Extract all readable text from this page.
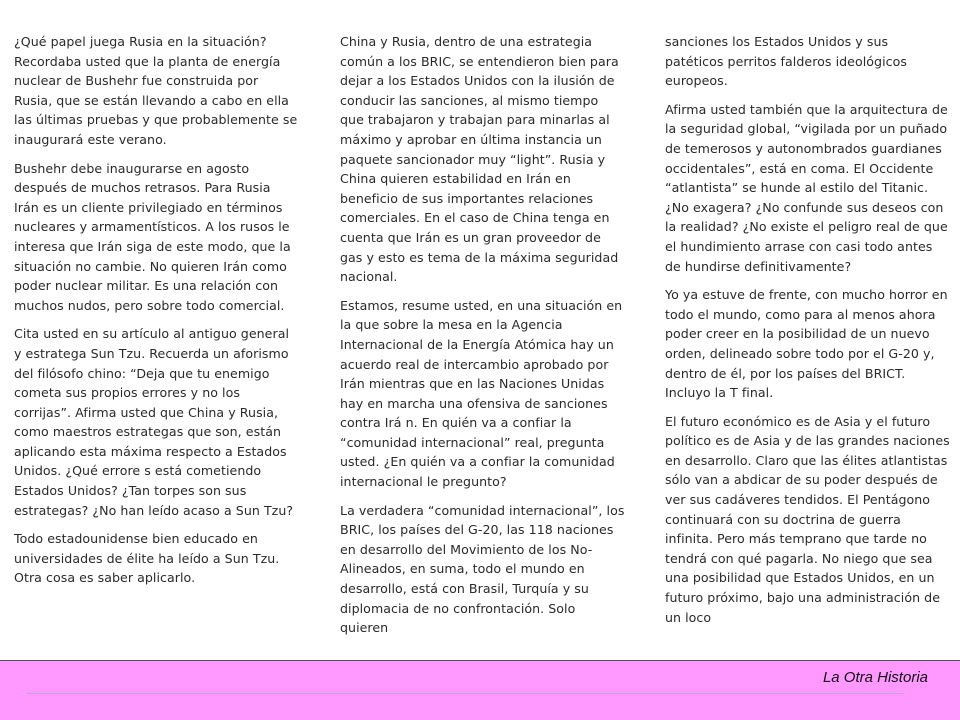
¿Qué papel juega Rusia en la situación? Recordaba usted que la planta de energía nuclear de Bushehr fue construida por Rusia, que se están llevando a cabo en ella las últimas pruebas y que probablemente se inaugurará este verano.

Bushehr debe inaugurarse en agosto después de muchos retrasos. Para Rusia Irán es un cliente privilegiado en términos nucleares y armamentísticos. A los rusos le interesa que Irán siga de este modo, que la situación no cambie. No quieren Irán como poder nuclear militar. Es una relación con muchos nudos, pero sobre todo comercial.

Cita usted en su artículo al antiguo general y estratega Sun Tzu. Recuerda un aforismo del filósofo chino: “Deja que tu enemigo cometa sus propios errores y no los corrijas”. Afirma usted que China y Rusia, como maestros estrategas que son, están aplicando esta máxima respecto a Estados Unidos. ¿Qué errore s está cometiendo Estados Unidos? ¿Tan torpes son sus estrategas? ¿No han leído acaso a Sun Tzu?

Todo estadounidense bien educado en universidades de élite ha leído a Sun Tzu. Otra cosa es saber aplicarlo.

China y Rusia, dentro de una estrategia común a los BRIC, se entendieron bien para dejar a los Estados Unidos con la ilusión de conducir las sanciones, al mismo tiempo que trabajaron y trabajan para minarlas al máximo y aprobar en última instancia un paquete sancionador muy “light”. Rusia y China quieren estabilidad en Irán en beneficio de sus importantes relaciones comerciales. En el caso de China tenga en cuenta que Irán es un gran proveedor de gas y esto es tema de la máxima seguridad nacional.

Estamos, resume usted, en una situación en la que sobre la mesa en la Agencia Internacional de la Energía Atómica hay un acuerdo real de intercambio aprobado por Irán mientras que en las Naciones Unidas hay en marcha una ofensiva de sanciones contra Irá n. En quién va a confiar la “comunidad internacional” real, pregunta usted. ¿En quién va a confiar la comunidad internacional le pregunto?

La verdadera “comunidad internacional”, los BRIC, los países del G-20, las 118 naciones en desarrollo del Movimiento de los No-Alineados, en suma, todo el mundo en desarrollo, está con Brasil, Turquía y su diplomacia de no confrontación. Solo quieren

sanciones los Estados Unidos y sus patéticos perritos falderos ideológicos europeos.

Afirma usted también que la arquitectura de la seguridad global, “vigilada por un puñado de temerosos y autonombrados guardianes occidentales”, está en coma. El Occidente “atlantista” se hunde al estilo del Titanic. ¿No exagera? ¿No confunde sus deseos con la realidad? ¿No existe el peligro real de que el hundimiento arrase con casi todo antes de hundirse definitivamente?

Yo ya estuve de frente, con mucho horror en todo el mundo, como para al menos ahora poder creer en la posibilidad de un nuevo orden, delineado sobre todo por el G-20 y, dentro de él, por los países del BRICT. Incluyo la T final.

El futuro económico es de Asia y el futuro político es de Asia y de las grandes naciones en desarrollo. Claro que las élites atlantistas sólo van a abdicar de su poder después de ver sus cadáveres tendidos. El Pentágono continuará con su doctrina de guerra infinita. Pero más temprano que tarde no tendrá con qué pagarla. No niego que sea una posibilidad que Estados Unidos, en un futuro próximo, bajo una administración de un loco

La Otra Historia
